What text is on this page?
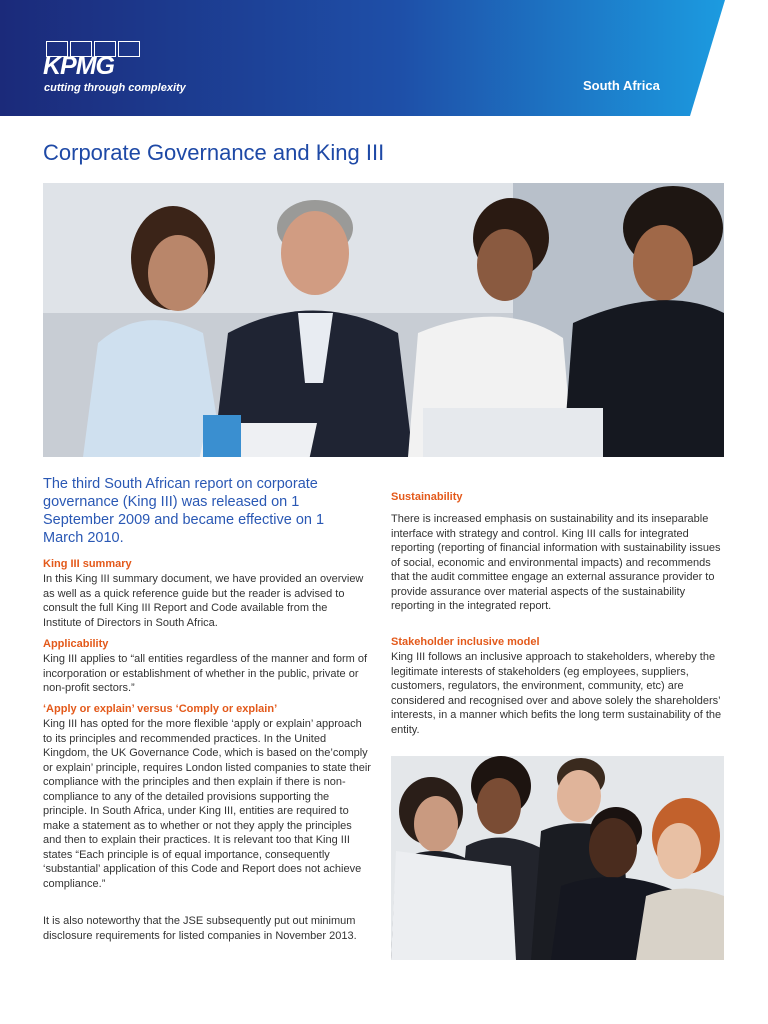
KPMG
cutting through complexity	South Africa
Corporate Governance and King III

The third South African report on corporate governance (King III) was released on 1 September 2009 and became effective on 1 March 2010.

King III summary

In this King III summary document, we have provided an overview as well as a quick reference guide but the reader is advised to consult the full King III Report and Code available from the Institute of Directors in South Africa.

Applicability

King III applies to “all entities regardless of the manner and form of incorporation or establishment of whether in the public, private or non-profit sectors.”

‘Apply or explain’ versus ‘Comply or explain’

King III has opted for the more flexible ‘apply or explain’ approach to its principles and recommended practices. In the United Kingdom, the UK Governance Code, which is based on the’comply or explain’ principle, requires London listed companies to state their compliance with the principles and then explain if there is non-compliance to any of the detailed provisions supporting the principle. In South Africa, under King III, entities are required to make a statement as to whether or not they apply the principles and then to explain their practices. It is relevant too that King III states “Each principle is of equal importance, consequently ‘substantial’ application of this Code and Report does not achieve compliance.”

It is also noteworthy that the JSE subsequently put out minimum disclosure requirements for listed companies in November 2013.

Sustainability

There is increased emphasis on sustainability and its inseparable interface with strategy and control. King III calls for integrated reporting (reporting of financial information with sustainability issues of social, economic and environmental impacts) and recommends that the audit committee engage an external assurance provider to provide assurance over material aspects of the sustainability reporting in the integrated report.

Stakeholder inclusive model

King III follows an inclusive approach to stakeholders, whereby the legitimate interests of stakeholders (eg employees, suppliers, customers, regulators, the environment, community, etc) are considered and recognised over and above solely the shareholders’ interests, in a manner which befits the long term sustainability of the entity.
